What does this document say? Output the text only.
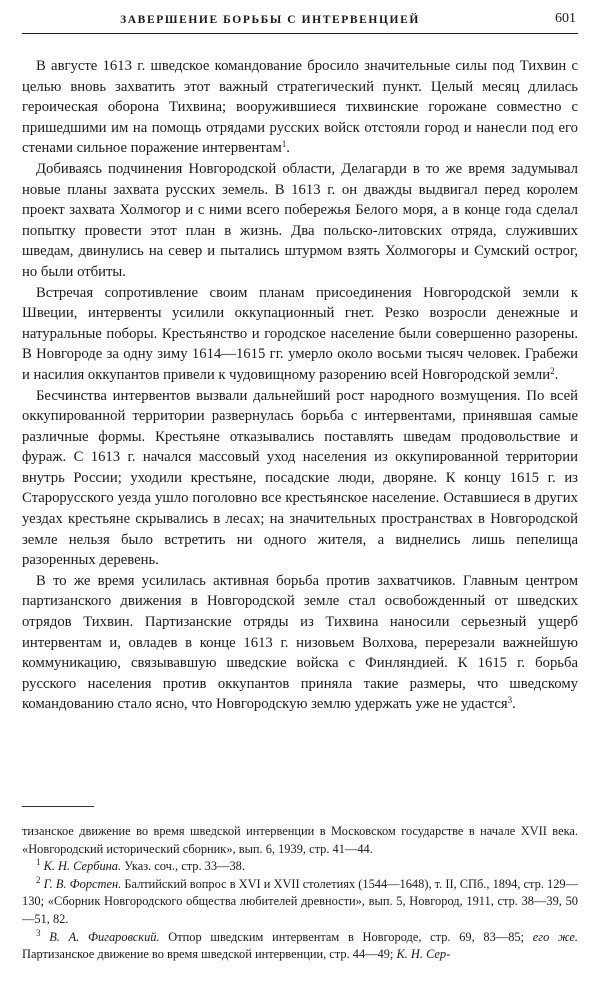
ЗАВЕРШЕНИЕ БОРЬБЫ С ИНТЕРВЕНЦИЕЙ	601

В августе 1613 г. шведское командование бросило значительные силы под Тихвин с целью вновь захватить этот важный стратегический пункт. Целый месяц длилась героическая оборона Тихвина; вооружившиеся тихвинские горожане совместно с пришедшими им на помощь отрядами русских войск отстояли город и нанесли под его стенами сильное поражение интервентам$^1$.

Добиваясь подчинения Новгородской области, Делагарди в то же время задумывал новые планы захвата русских земель. В 1613 г. он дважды выдвигал перед королем проект захвата Холмогор и с ними всего побережья Белого моря, а в конце года сделал попытку провести этот план в жизнь. Два польско-литовских отряда, служивших шведам, двинулись на север и пытались штурмом взять Холмогоры и Сумский острог, но были отбиты.

Встречая сопротивление своим планам присоединения Новгородской земли к Швеции, интервенты усилили оккупационный гнет. Резко возросли денежные и натуральные поборы. Крестьянство и городское население были совершенно разорены. В Новгороде за одну зиму 1614—1615 гг. умерло около восьми тысяч человек. Грабежи и насилия оккупантов привели к чудовищному разорению всей Новгородской земли$^2$.

Бесчинства интервентов вызвали дальнейший рост народного возмущения. По всей оккупированной территории развернулась борьба с интервентами, принявшая самые различные формы. Крестьяне отказывались поставлять шведам продовольствие и фураж. С 1613 г. начался массовый уход населения из оккупированной территории внутрь России; уходили крестьяне, посадские люди, дворяне. К концу 1615 г. из Старорусского уезда ушло поголовно все крестьянское население. Оставшиеся в других уездах крестьяне скрывались в лесах; на значительных пространствах в Новгородской земле нельзя было встретить ни одного жителя, а виднелись лишь пепелища разоренных деревень.

В то же время усилилась активная борьба против захватчиков. Главным центром партизанского движения в Новгородской земле стал освобожденный от шведских отрядов Тихвин. Партизанские отряды из Тихвина наносили серьезный ущерб интервентам и, овладев в конце 1613 г. низовьем Волхова, перерезали важнейшую коммуникацию, связывавшую шведские войска с Финляндией. К 1615 г. борьба русского населения против оккупантов приняла такие размеры, что шведскому командованию стало ясно, что Новгородскую землю удержать уже не удастся$^3$.

тизанское движение во время шведской интервенции в Московском государстве в начале XVII века. «Новгородский исторический сборник», вып. 6, 1939, стр. 41—44.

$^1$ К. Н. Сербина. Указ. соч., стр. 33—38.

$^2$ Г. В. Форстен. Балтийский вопрос в XVI и XVII столетиях (1544—1648), т. II, СПб., 1894, стр. 129—130; «Сборник Новгородского общества любителей древности», вып. 5, Новгород, 1911, стр. 38—39, 50—51, 82.

$^3$ В. А. Фигаровский. Отпор шведским интервентам в Новгороде, стр. 69, 83—85; его же. Партизанское движение во время шведской интервенции, стр. 44—49; К. Н. Сер-
